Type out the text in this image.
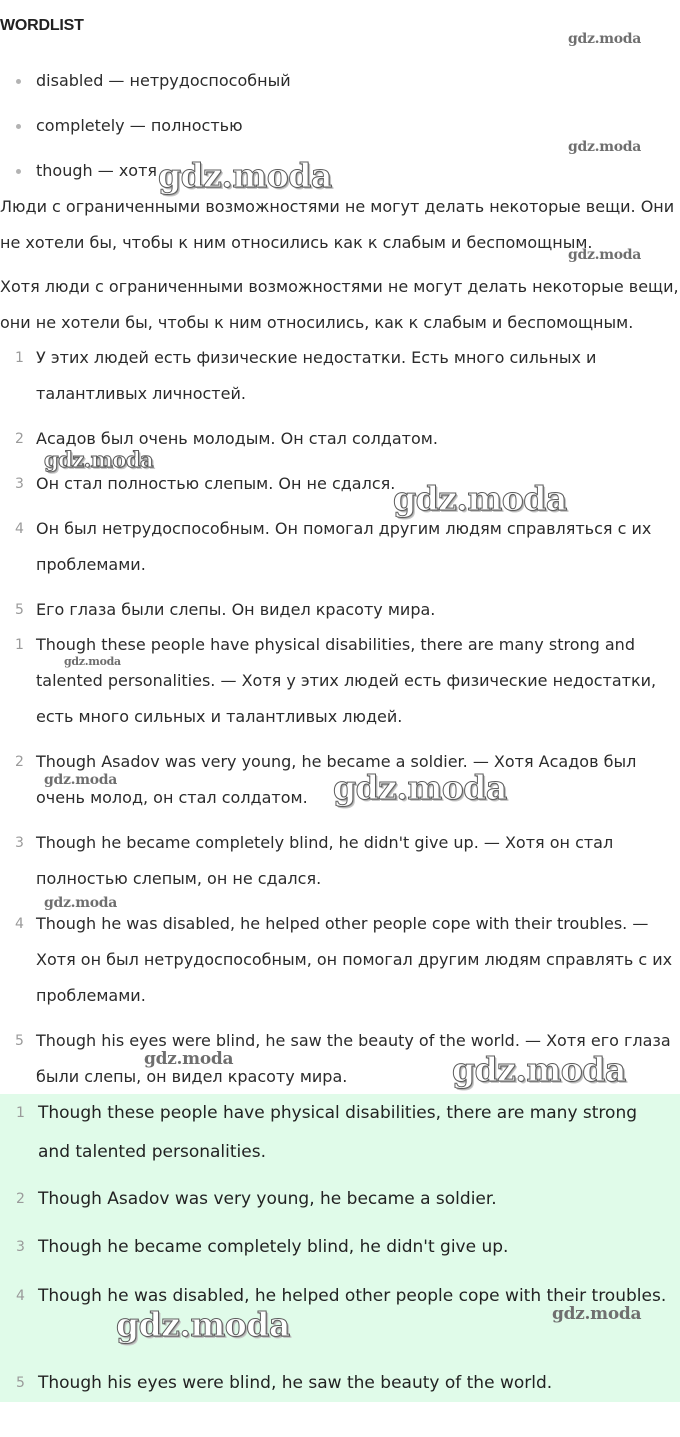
WORDLIST
disabled — нетрудоспособный
completely — полностью
though — хотя
Люди с ограниченными возможностями не могут делать некоторые вещи. Они не хотели бы, чтобы к ним относились как к слабым и беспомощным.
Хотя люди с ограниченными возможностями не могут делать некоторые вещи, они не хотели бы, чтобы к ним относились, как к слабым и беспомощным.
1 У этих людей есть физические недостатки. Есть много сильных и талантливых личностей.
2 Асадов был очень молодым. Он стал солдатом.
3 Он стал полностью слепым. Он не сдался.
4 Он был нетрудоспособным. Он помогал другим людям справляться с их проблемами.
5 Его глаза были слепы. Он видел красоту мира.
1 Though these people have physical disabilities, there are many strong and talented personalities. — Хотя у этих людей есть физические недостатки, есть много сильных и талантливых людей.
2 Though Asadov was very young, he became a soldier. — Хотя Асадов был очень молод, он стал солдатом.
3 Though he became completely blind, he didn't give up. — Хотя он стал полностью слепым, он не сдался.
4 Though he was disabled, he helped other people cope with their troubles. — Хотя он был нетрудоспособным, он помогал другим людям справлять с их проблемами.
5 Though his eyes were blind, he saw the beauty of the world. — Хотя его глаза были слепы, он видел красоту мира.
1 Though these people have physical disabilities, there are many strong and talented personalities.
2 Though Asadov was very young, he became a soldier.
3 Though he became completely blind, he didn't give up.
4 Though he was disabled, he helped other people cope with their troubles.
5 Though his eyes were blind, he saw the beauty of the world.
gdz.moda
gdz.moda
gdz.moda
gdz.moda
gdz.moda
gdz.moda
gdz.moda
gdz.moda	gdz.moda
gdz.moda
gdz.moda	gdz.moda
gdz.moda	gdz.moda
